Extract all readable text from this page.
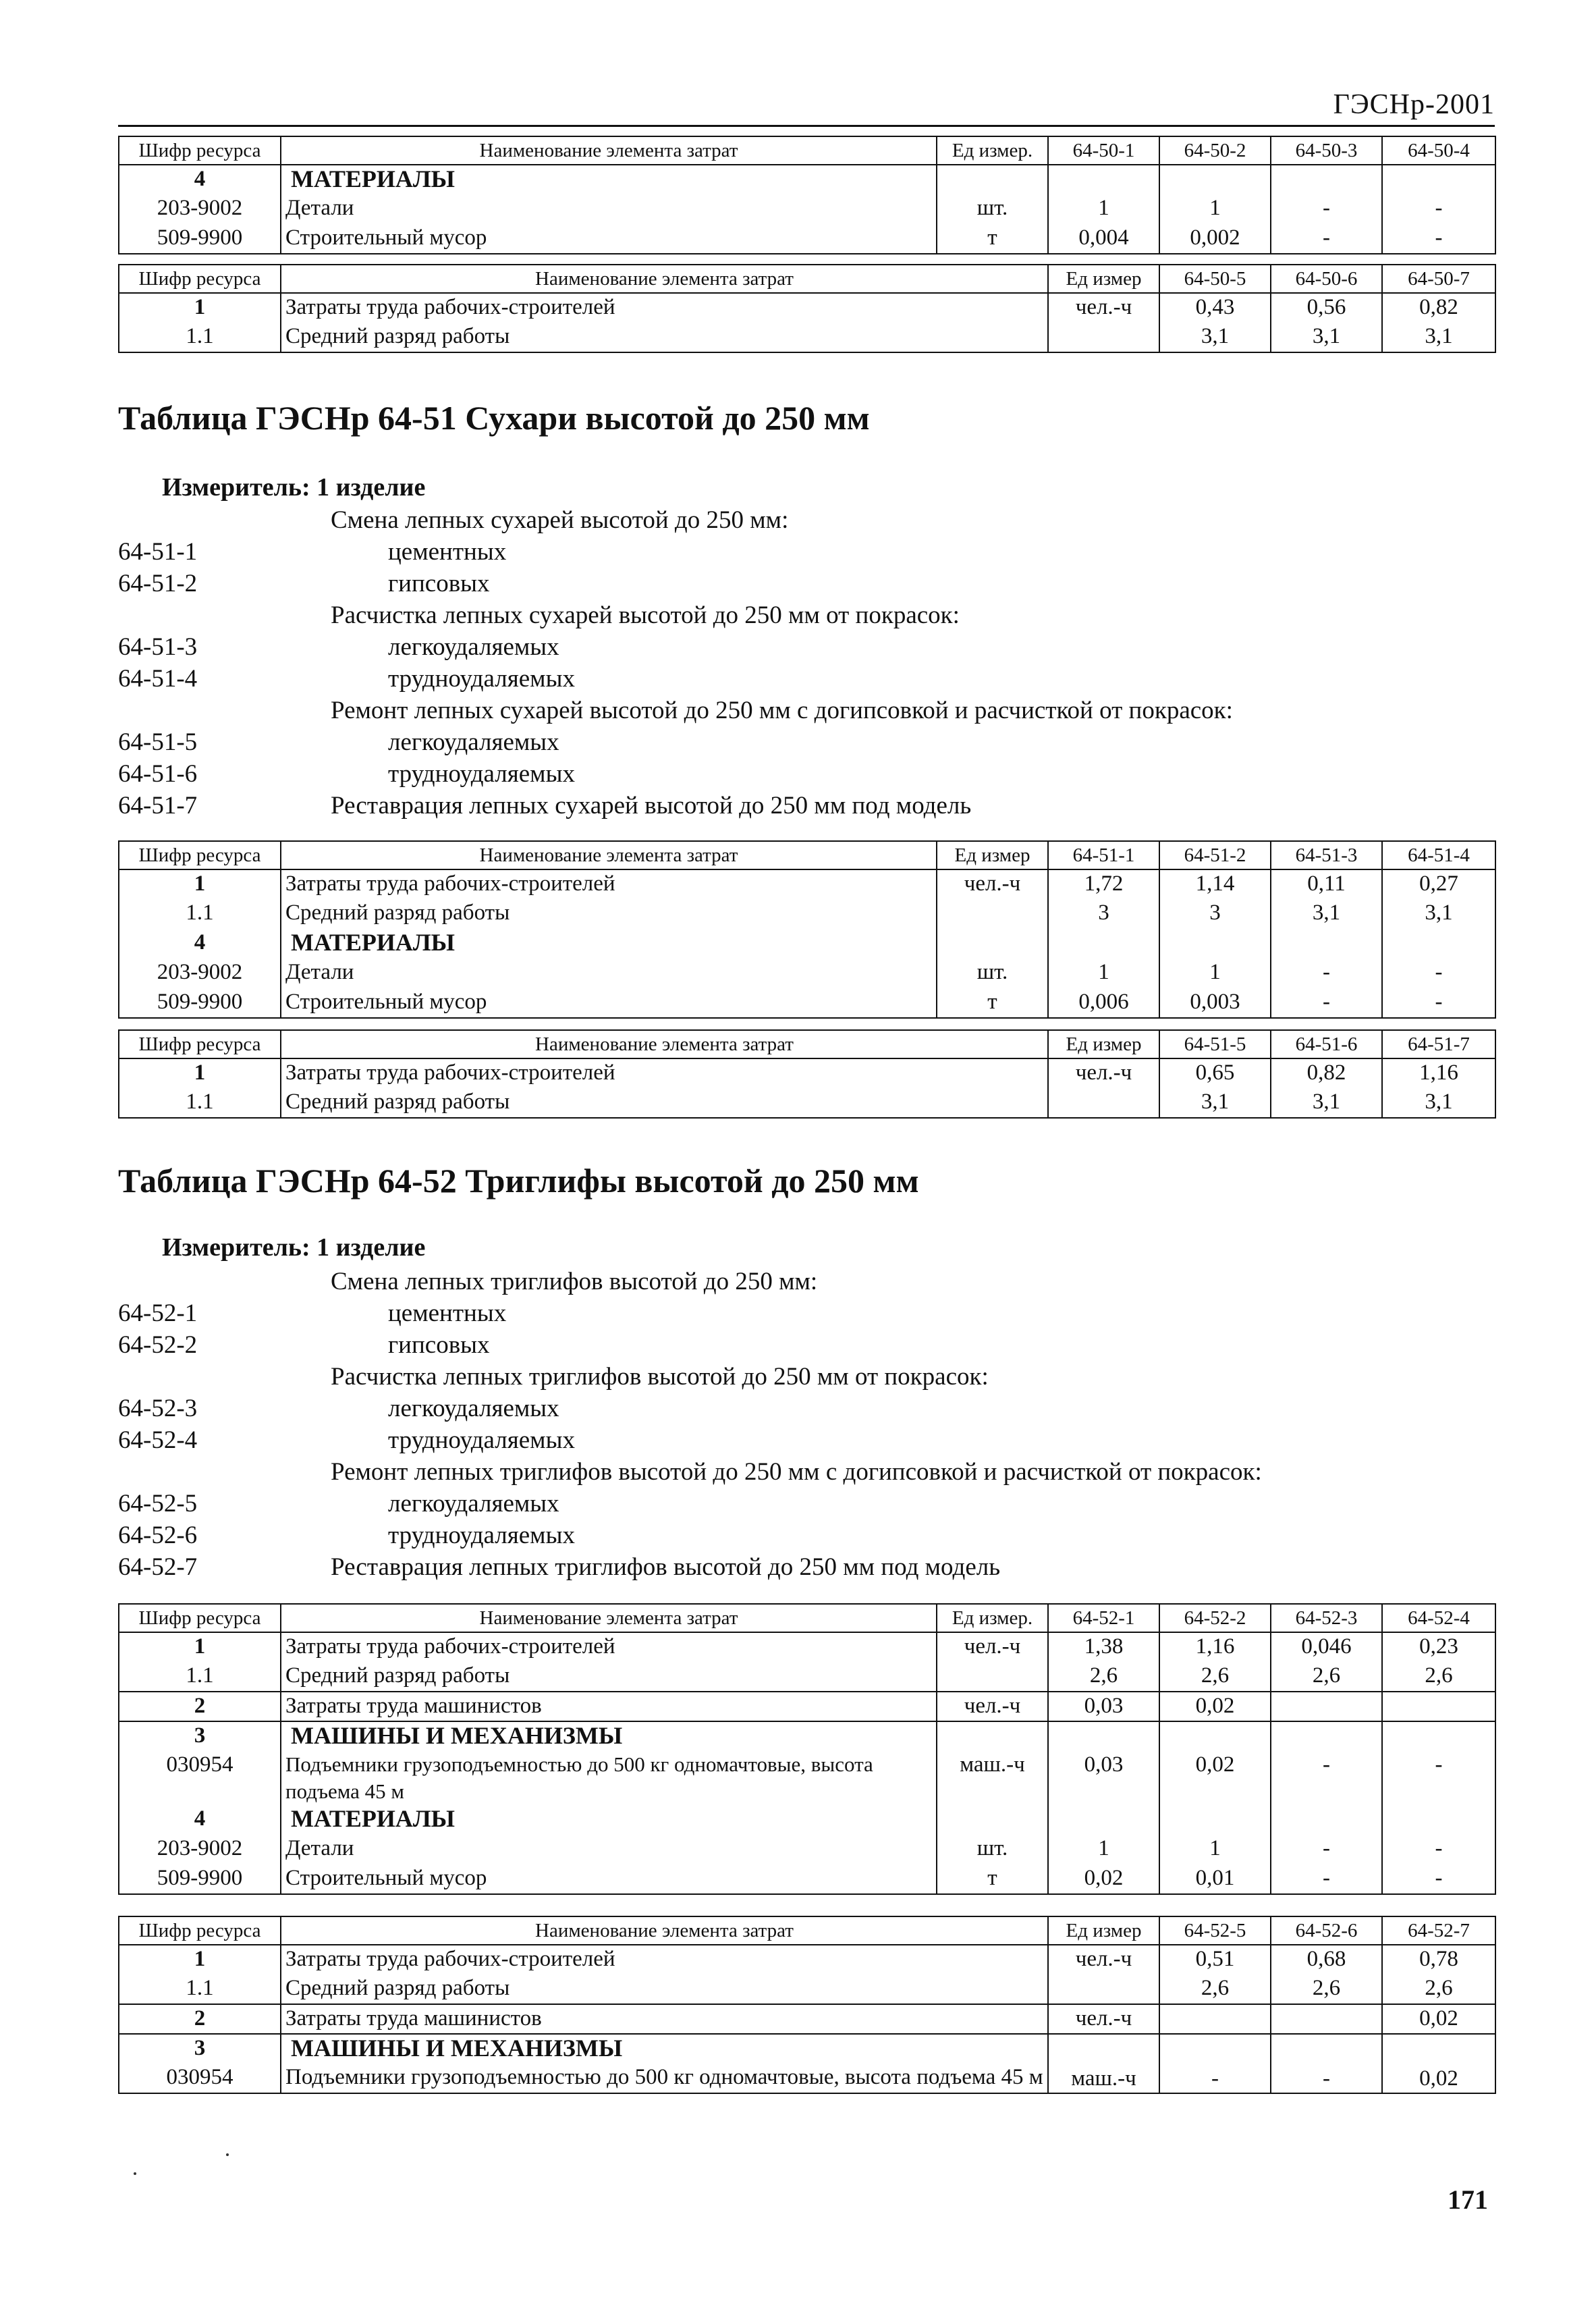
ГЭСНр-2001
Шифр ресурса	Наименование элемента затрат	Ед измер.	64-50-1	64-50-2	64-50-3	64-50-4
4	МАТЕРИАЛЫ					
203-9002	Детали	шт.	1	1	-	-
509-9900	Строительный мусор	т	0,004	0,002	-	-
Шифр ресурса	Наименование элемента затрат	Ед измер	64-50-5	64-50-6	64-50-7
1	Затраты труда рабочих-строителей	чел.-ч	0,43	0,56	0,82
1.1	Средний разряд работы		3,1	3,1	3,1
Таблица ГЭСНр 64-51 Сухари высотой до 250 мм
Измеритель: 1 изделие
Смена лепных сухарей высотой до 250 мм:
64-51-1	цементных
64-51-2	гипсовых
Расчистка лепных сухарей высотой до 250 мм от покрасок:
64-51-3	легкоудаляемых
64-51-4	трудноудаляемых
Ремонт лепных сухарей высотой до 250 мм с догипсовкой и расчисткой от покрасок:
64-51-5	легкоудаляемых
64-51-6	трудноудаляемых
64-51-7	Реставрация лепных сухарей высотой до 250 мм под модель
Шифр ресурса	Наименование элемента затрат	Ед измер	64-51-1	64-51-2	64-51-3	64-51-4
1	Затраты труда рабочих-строителей	чел.-ч	1,72	1,14	0,11	0,27
1.1	Средний разряд работы		3	3	3,1	3,1
4	МАТЕРИАЛЫ					
203-9002	Детали	шт.	1	1	-	-
509-9900	Строительный мусор	т	0,006	0,003	-	-
Шифр ресурса	Наименование элемента затрат	Ед измер	64-51-5	64-51-6	64-51-7
1	Затраты труда рабочих-строителей	чел.-ч	0,65	0,82	1,16
1.1	Средний разряд работы		3,1	3,1	3,1
Таблица ГЭСНр 64-52 Триглифы высотой до 250 мм
Измеритель: 1 изделие
Смена лепных триглифов высотой до 250 мм:
64-52-1	цементных
64-52-2	гипсовых
Расчистка лепных триглифов высотой до 250 мм от покрасок:
64-52-3	легкоудаляемых
64-52-4	трудноудаляемых
Ремонт лепных триглифов высотой до 250 мм с догипсовкой и расчисткой от покрасок:
64-52-5	легкоудаляемых
64-52-6	трудноудаляемых
64-52-7	Реставрация лепных триглифов высотой до 250 мм под модель
Шифр ресурса	Наименование элемента затрат	Ед измер.	64-52-1	64-52-2	64-52-3	64-52-4
1	Затраты труда рабочих-строителей	чел.-ч	1,38	1,16	0,046	0,23
1.1	Средний разряд работы		2,6	2,6	2,6	2,6
2	Затраты труда машинистов	чел.-ч	0,03	0,02		
3	МАШИНЫ И МЕХАНИЗМЫ					
030954	Подъемники грузоподъемностью до 500 кг одномачтовые, высота подъема 45 м	маш.-ч	0,03	0,02	-	-
4	МАТЕРИАЛЫ					
203-9002	Детали	шт.	1	1	-	-
509-9900	Строительный мусор	т	0,02	0,01	-	-
Шифр ресурса	Наименование элемента затрат	Ед измер	64-52-5	64-52-6	64-52-7
1	Затраты труда рабочих-строителей	чел.-ч	0,51	0,68	0,78
1.1	Средний разряд работы		2,6	2,6	2,6
2	Затраты труда машинистов	чел.-ч			0,02
3	МАШИНЫ И МЕХАНИЗМЫ				
030954	Подъемники грузоподъемностью до 500 кг одномачтовые, высота подъема 45 м	маш.-ч	-	-	0,02
171
